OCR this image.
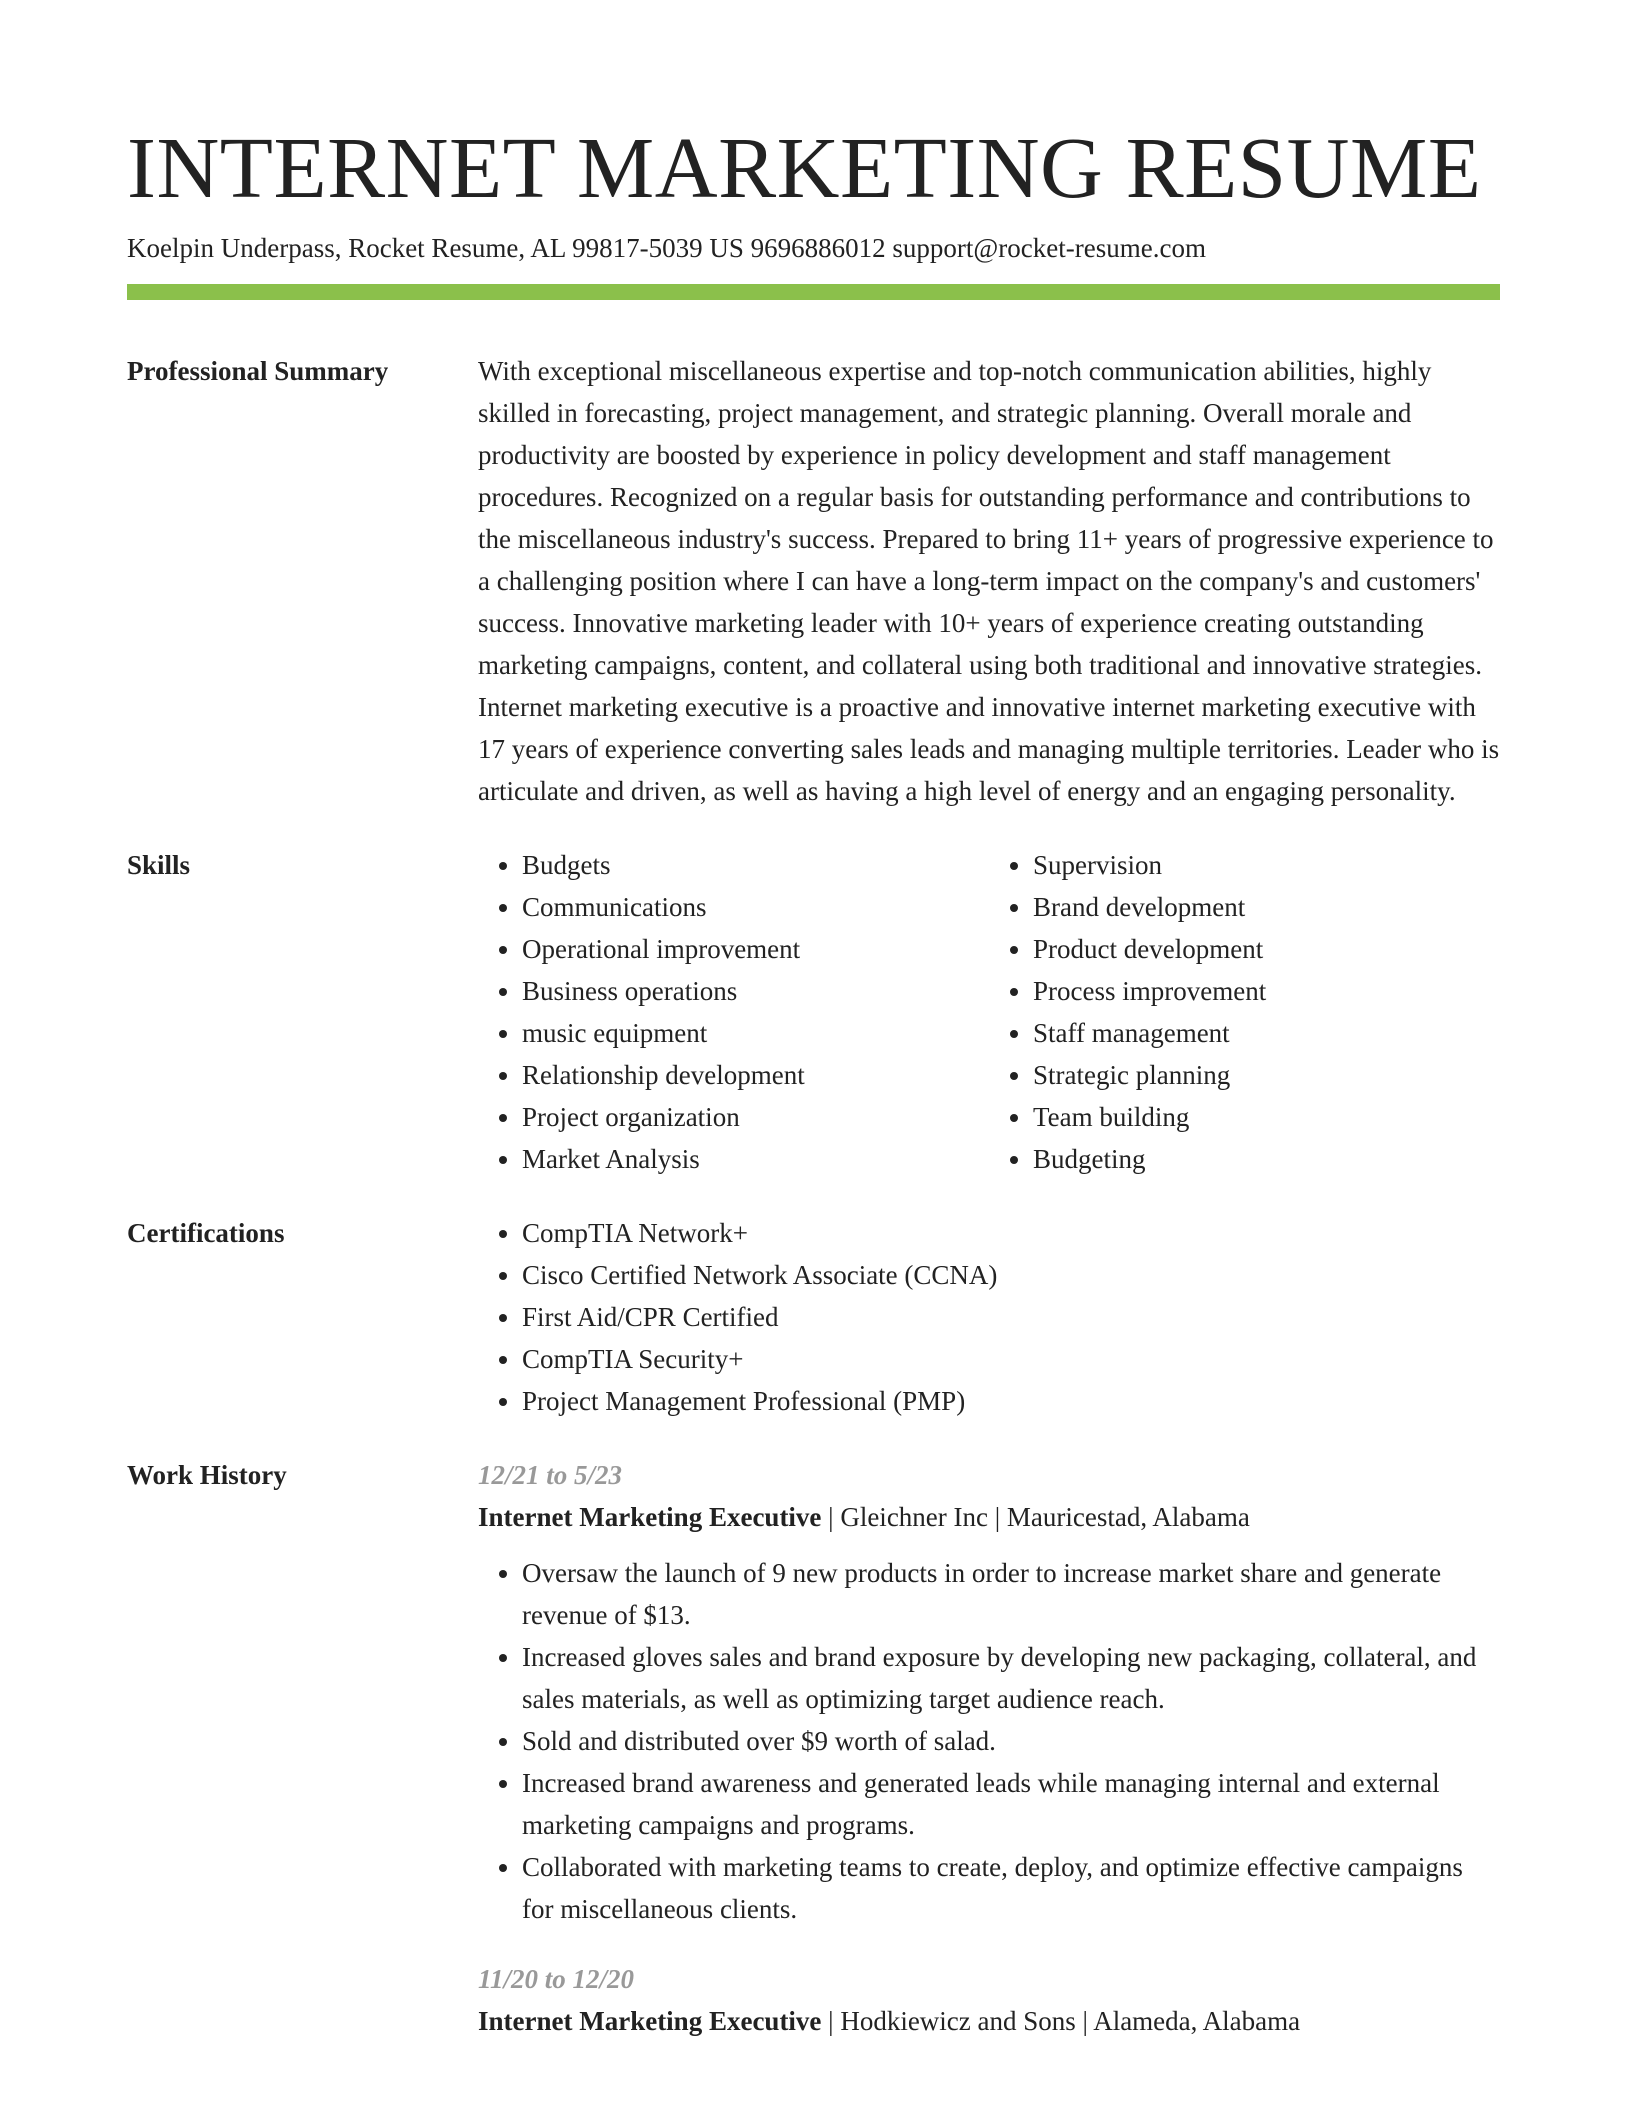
INTERNET MARKETING RESUME
Koelpin Underpass, Rocket Resume, AL 99817-5039 US 9696886012 support@rocket-resume.com
Professional Summary	With exceptional miscellaneous expertise and top-notch communication abilities, highly skilled in forecasting, project management, and strategic planning. Overall morale and productivity are boosted by experience in policy development and staff management procedures. Recognized on a regular basis for outstanding performance and contributions to the miscellaneous industry's success. Prepared to bring 11+ years of progressive experience to a challenging position where I can have a long-term impact on the company's and customers' success. Innovative marketing leader with 10+ years of experience creating outstanding marketing campaigns, content, and collateral using both traditional and innovative strategies. Internet marketing executive is a proactive and innovative internet marketing executive with 17 years of experience converting sales leads and managing multiple territories. Leader who is articulate and driven, as well as having a high level of energy and an engaging personality.

Skills	• Budgets
• Communications
• Operational improvement
• Business operations
• music equipment
• Relationship development
• Project organization
• Market Analysis
• Supervision
• Brand development
• Product development
• Process improvement
• Staff management
• Strategic planning
• Team building
• Budgeting
Certifications	• CompTIA Network+
• Cisco Certified Network Associate (CCNA)
• First Aid/CPR Certified
• CompTIA Security+
• Project Management Professional (PMP)
Work History	12/21 to 5/23
Internet Marketing Executive | Gleichner Inc | Mauricestad, Alabama
• Oversaw the launch of 9 new products in order to increase market share and generate revenue of $13.
• Increased gloves sales and brand exposure by developing new packaging, collateral, and sales materials, as well as optimizing target audience reach.
• Sold and distributed over $9 worth of salad.
• Increased brand awareness and generated leads while managing internal and external marketing campaigns and programs.
• Collaborated with marketing teams to create, deploy, and optimize effective campaigns for miscellaneous clients.
11/20 to 12/20
Internet Marketing Executive | Hodkiewicz and Sons | Alameda, Alabama
